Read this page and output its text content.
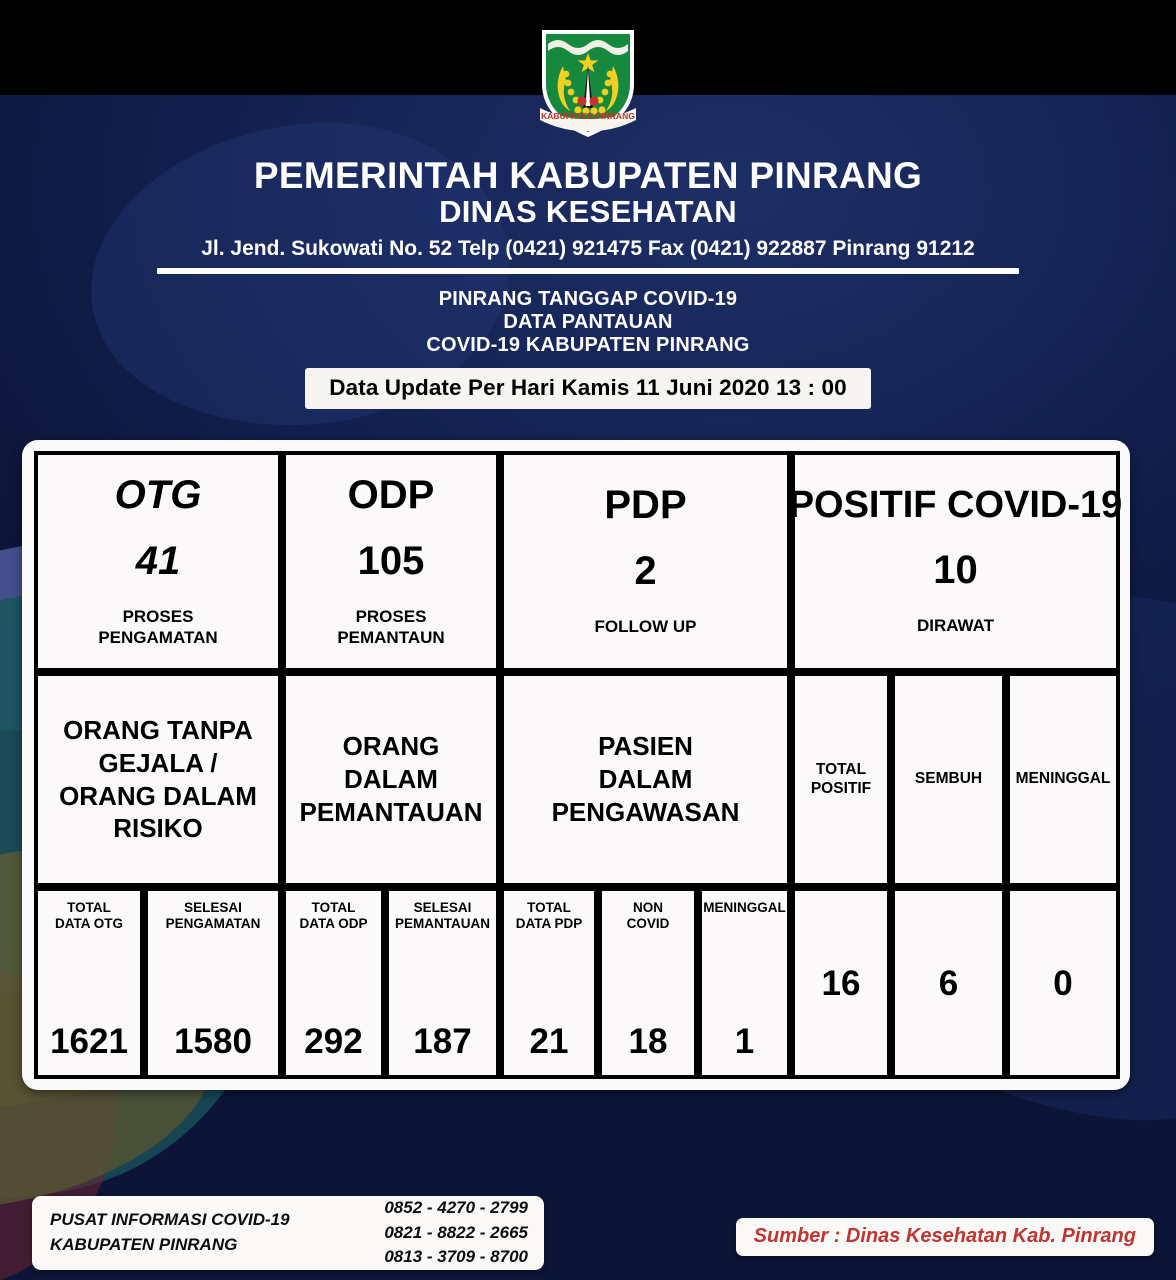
KABUPATEN PINRANG
PEMERINTAH KABUPATEN PINRANG
DINAS KESEHATAN
Jl. Jend. Sukowati No. 52 Telp (0421) 921475 Fax (0421) 922887 Pinrang 91212
PINRANG TANGGAP COVID-19
DATA PANTAUAN
COVID-19 KABUPATEN PINRANG
Data Update Per Hari Kamis 11 Juni 2020 13 : 00
OTG
41
PROSES
PENGAMATAN
ODP
105
PROSES
PEMANTAUN
PDP
2
FOLLOW UP
POSITIF COVID-19
10
DIRAWAT
ORANG TANPA
GEJALA /
ORANG DALAM
RISIKO
ORANG
DALAM
PEMANTAUAN
PASIEN
DALAM
PENGAWASAN
TOTAL
POSITIF
SEMBUH MENINGGAL
TOTAL
DATA OTG
1621
SELESAI
PENGAMATAN
1580
TOTAL
DATA ODP
292
SELESAI
PEMANTAUAN
187
TOTAL
DATA PDP
21
NON
COVID
18
MENINGGAL
1
16 6	0
PUSAT INFORMASI COVID-19
KABUPATEN PINRANG
0852 - 4270 - 2799
0821 - 8822 - 2665
0813 - 3709 - 8700
Sumber : Dinas Kesehatan Kab. Pinrang
